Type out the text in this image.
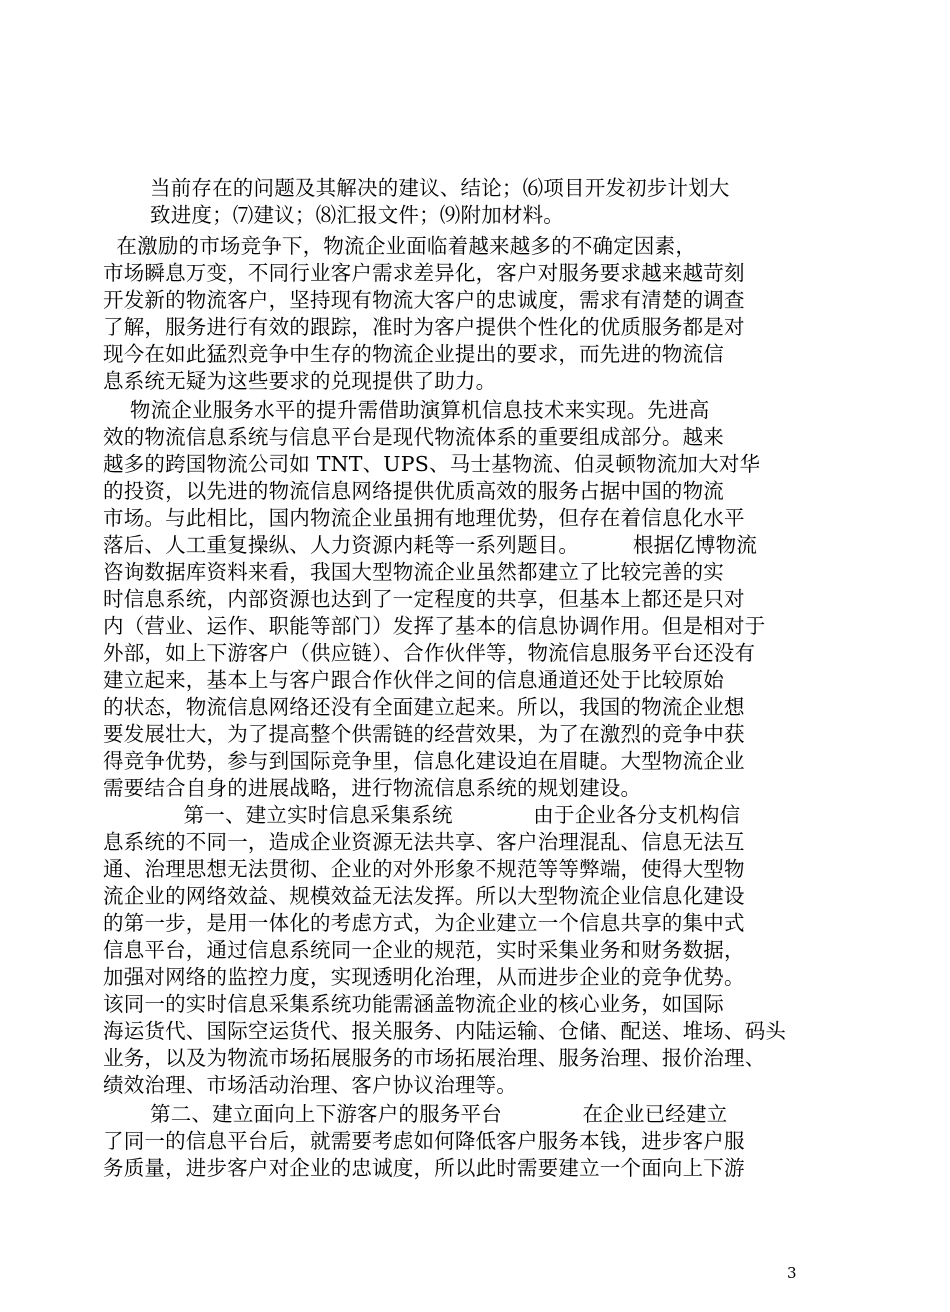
当前存在的问题及其解决的建议、结论；⑹项目开发初步计划大
致进度；⑺建议；⑻汇报文件；⑼附加材料。
在激励的市场竞争下，物流企业面临着越来越多的不确定因素，
市场瞬息万变，不同行业客户需求差异化，客户对服务要求越来越苛刻
开发新的物流客户，坚持现有物流大客户的忠诚度，需求有清楚的调查
了解，服务进行有效的跟踪，准时为客户提供个性化的优质服务都是对
现今在如此猛烈竞争中生存的物流企业提出的要求，而先进的物流信
息系统无疑为这些要求的兑现提供了助力。
物流企业服务水平的提升需借助演算机信息技术来实现。先进高
效的物流信息系统与信息平台是现代物流体系的重要组成部分。越来
越多的跨国物流公司如 TNT、UPS、马士基物流、伯灵顿物流加大对华
的投资，以先进的物流信息网络提供优质高效的服务占据中国的物流
市场。与此相比，国内物流企业虽拥有地理优势，但存在着信息化水平
落后、人工重复操纵、人力资源内耗等一系列题目。        根据亿博物流
咨询数据库资料来看，我国大型物流企业虽然都建立了比较完善的实
时信息系统，内部资源也达到了一定程度的共享，但基本上都还是只对
内（营业、运作、职能等部门）发挥了基本的信息协调作用。但是相对于
外部，如上下游客户（供应链）、合作伙伴等，物流信息服务平台还没有
建立起来，基本上与客户跟合作伙伴之间的信息通道还处于比较原始
的状态，物流信息网络还没有全面建立起来。所以，我国的物流企业想
要发展壮大，为了提高整个供需链的经营效果，为了在激烈的竞争中获
得竞争优势，参与到国际竞争里，信息化建设迫在眉睫。大型物流企业
需要结合自身的进展战略，进行物流信息系统的规划建设。
第一、建立实时信息采集系统            由于企业各分支机构信
息系统的不同一，造成企业资源无法共享、客户治理混乱、信息无法互
通、治理思想无法贯彻、企业的对外形象不规范等等弊端，使得大型物
流企业的网络效益、规模效益无法发挥。所以大型物流企业信息化建设
的第一步，是用一体化的考虑方式，为企业建立一个信息共享的集中式
信息平台，通过信息系统同一企业的规范，实时采集业务和财务数据，
加强对网络的监控力度，实现透明化治理，从而进步企业的竞争优势。
该同一的实时信息采集系统功能需涵盖物流企业的核心业务，如国际
海运货代、国际空运货代、报关服务、内陆运输、仓储、配送、堆场、码头
业务，以及为物流市场拓展服务的市场拓展治理、服务治理、报价治理、
绩效治理、市场活动治理、客户协议治理等。
第二、建立面向上下游客户的服务平台            在企业已经建立
了同一的信息平台后，就需要考虑如何降低客户服务本钱，进步客户服
务质量，进步客户对企业的忠诚度，所以此时需要建立一个面向上下游
3
